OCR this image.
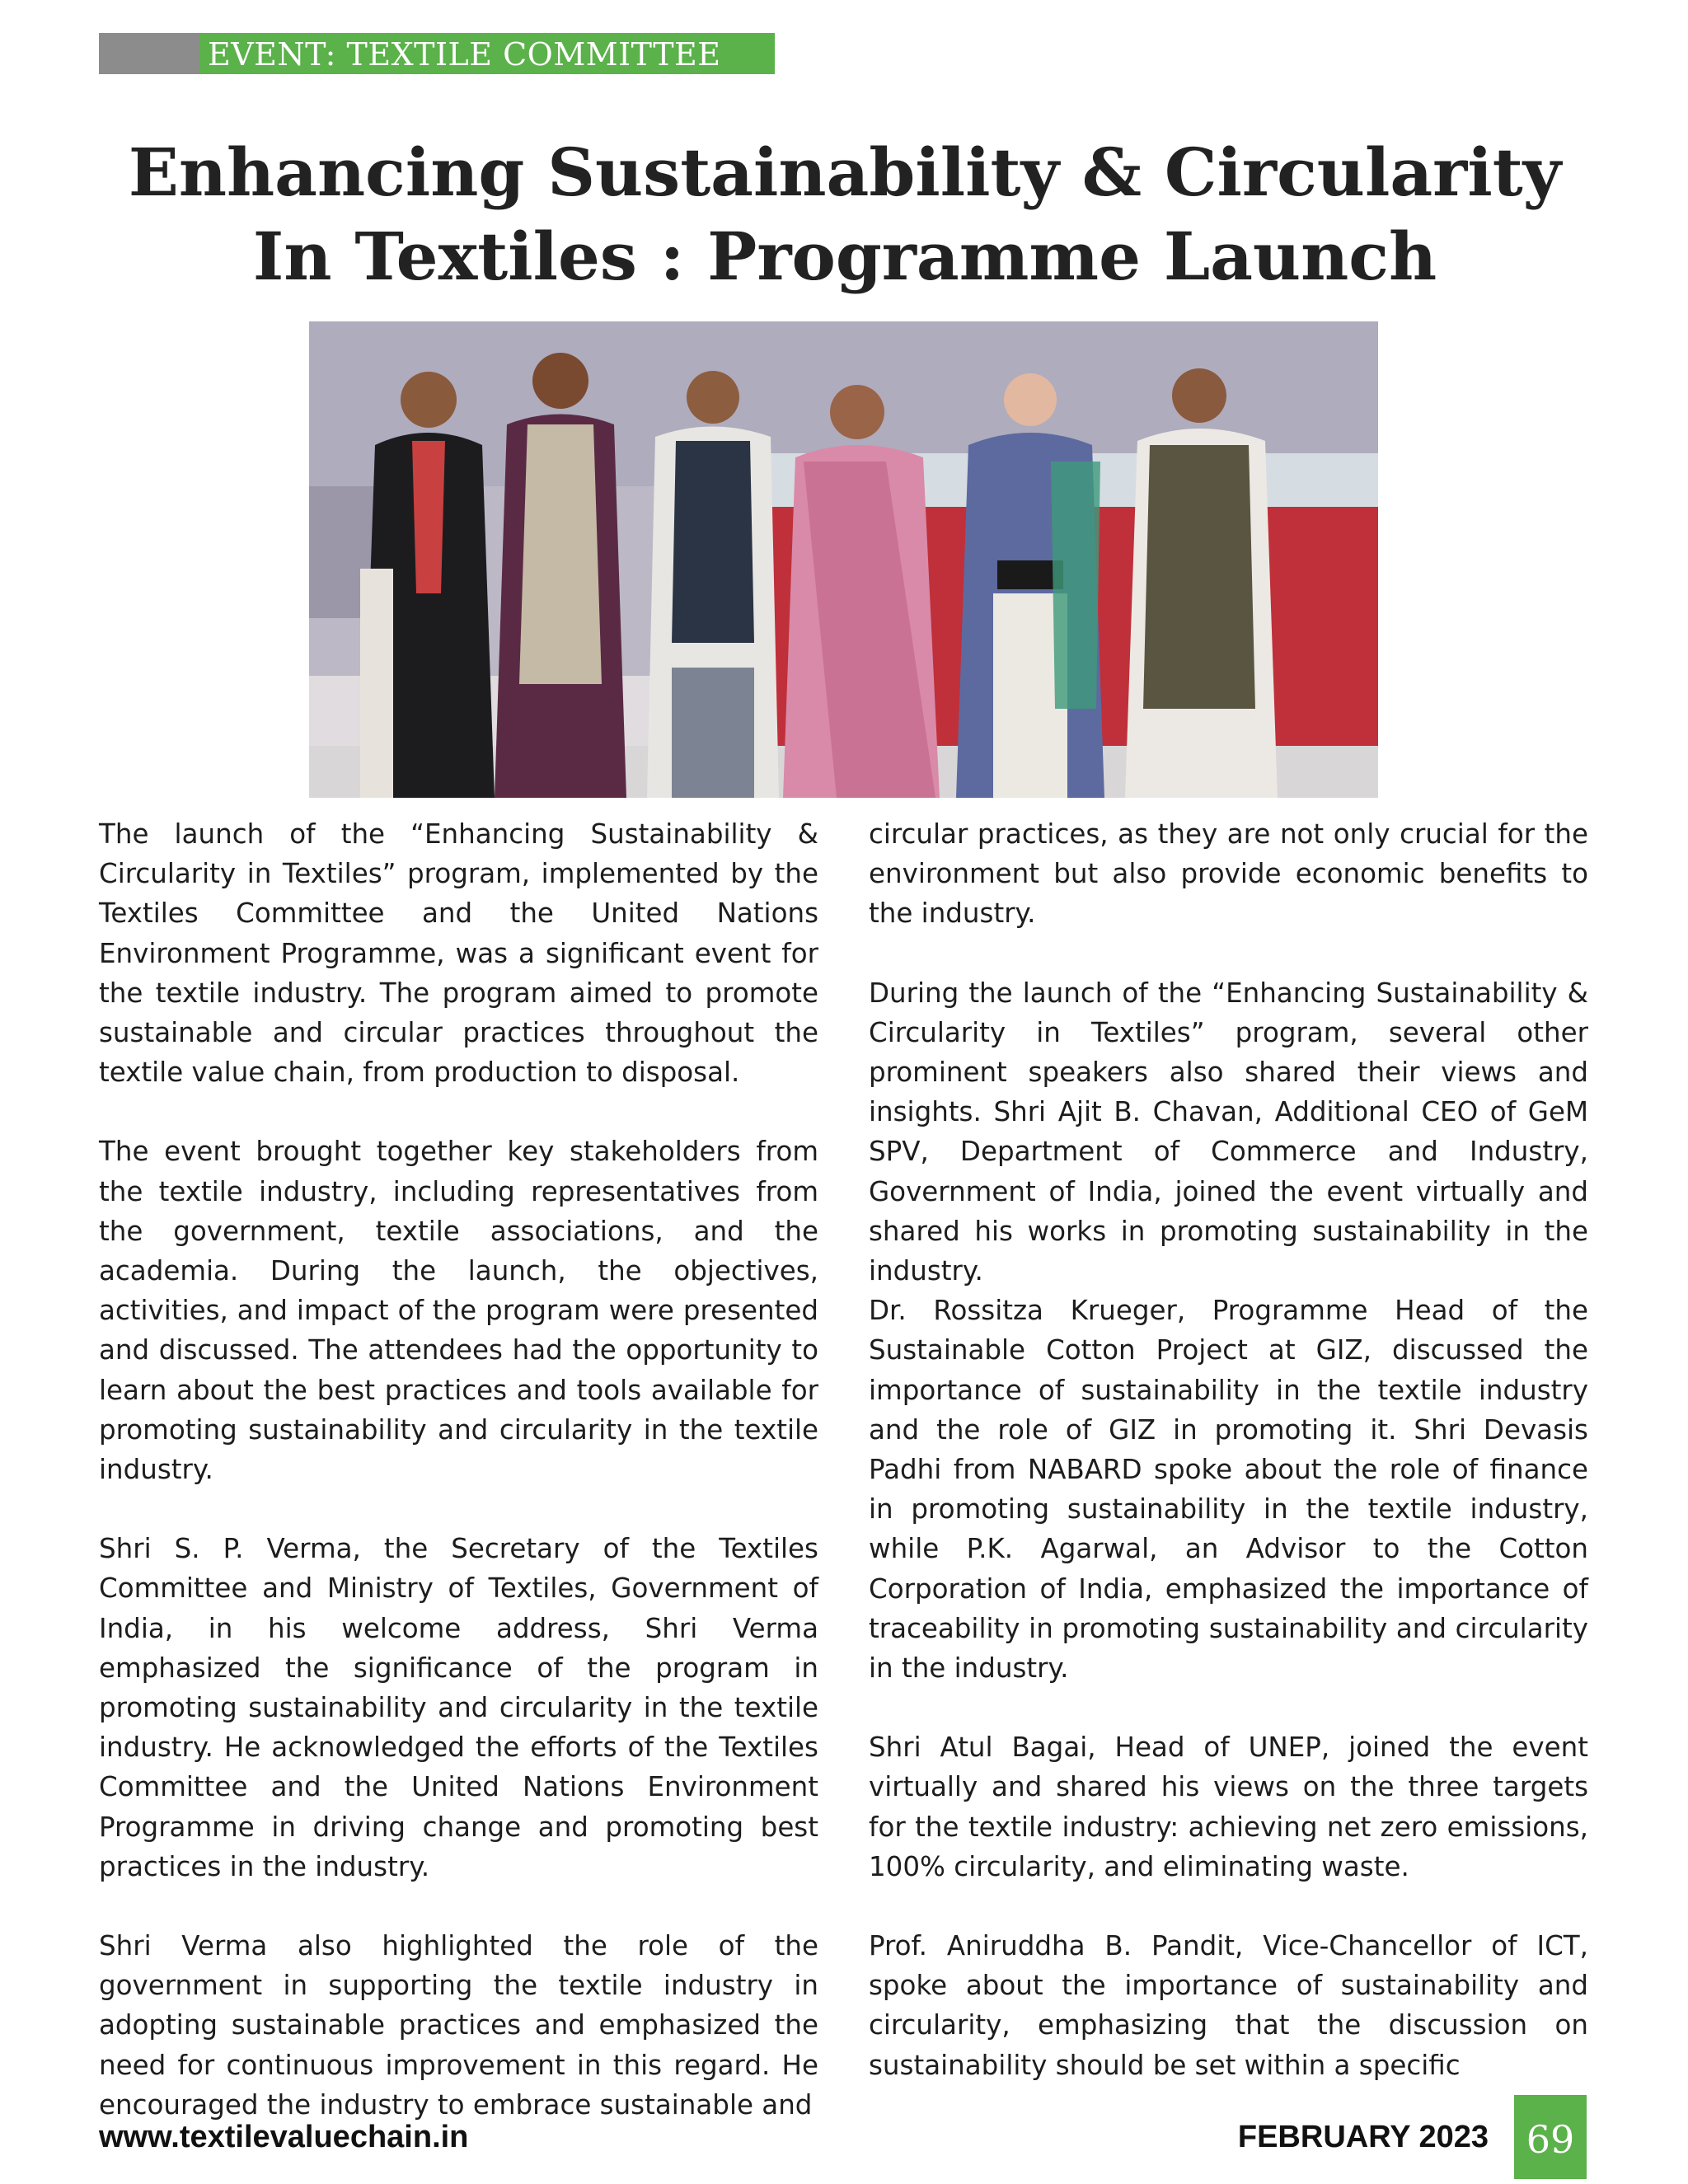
EVENT: TEXTILE COMMITTEE
Enhancing Sustainability & Circularity In Textiles : Programme Launch

The launch of the “Enhancing Sustainability & Circularity in Textiles” program, implemented by the Textiles Committee and the United Nations Environment Programme, was a significant event for the textile industry. The program aimed to promote sustainable and circular practices throughout the textile value chain, from production to disposal.

The event brought together key stakeholders from the textile industry, including representatives from the government, textile associations, and the academia. During the launch, the objectives, activities, and impact of the program were presented and discussed. The attendees had the opportunity to learn about the best practices and tools available for promoting sustainability and circularity in the textile industry.

Shri S. P. Verma, the Secretary of the Textiles Committee and Ministry of Textiles, Government of India, in his welcome address, Shri Verma emphasized the significance of the program in promoting sustainability and circularity in the textile industry. He acknowledged the efforts of the Textiles Committee and the United Nations Environment Programme in driving change and promoting best practices in the industry.

Shri Verma also highlighted the role of the government in supporting the textile industry in adopting sustainable practices and emphasized the need for continuous improvement in this regard. He encouraged the industry to embrace sustainable and

circular practices, as they are not only crucial for the environment but also provide economic benefits to the industry.

During the launch of the “Enhancing Sustainability & Circularity in Textiles” program, several other prominent speakers also shared their views and insights. Shri Ajit B. Chavan, Additional CEO of GeM SPV, Department of Commerce and Industry, Government of India, joined the event virtually and shared his works in promoting sustainability in the industry.

Dr. Rossitza Krueger, Programme Head of the Sustainable Cotton Project at GIZ, discussed the importance of sustainability in the textile industry and the role of GIZ in promoting it. Shri Devasis Padhi from NABARD spoke about the role of finance in promoting sustainability in the textile industry, while P.K. Agarwal, an Advisor to the Cotton Corporation of India, emphasized the importance of traceability in promoting sustainability and circularity in the industry.

Shri Atul Bagai, Head of UNEP, joined the event virtually and shared his views on the three targets for the textile industry: achieving net zero emissions, 100% circularity, and eliminating waste.

Prof. Aniruddha B. Pandit, Vice-Chancellor of ICT, spoke about the importance of sustainability and circularity, emphasizing that the discussion on sustainability should be set within a specific

www.textilevaluechain.in	FEBRUARY 2023 69
